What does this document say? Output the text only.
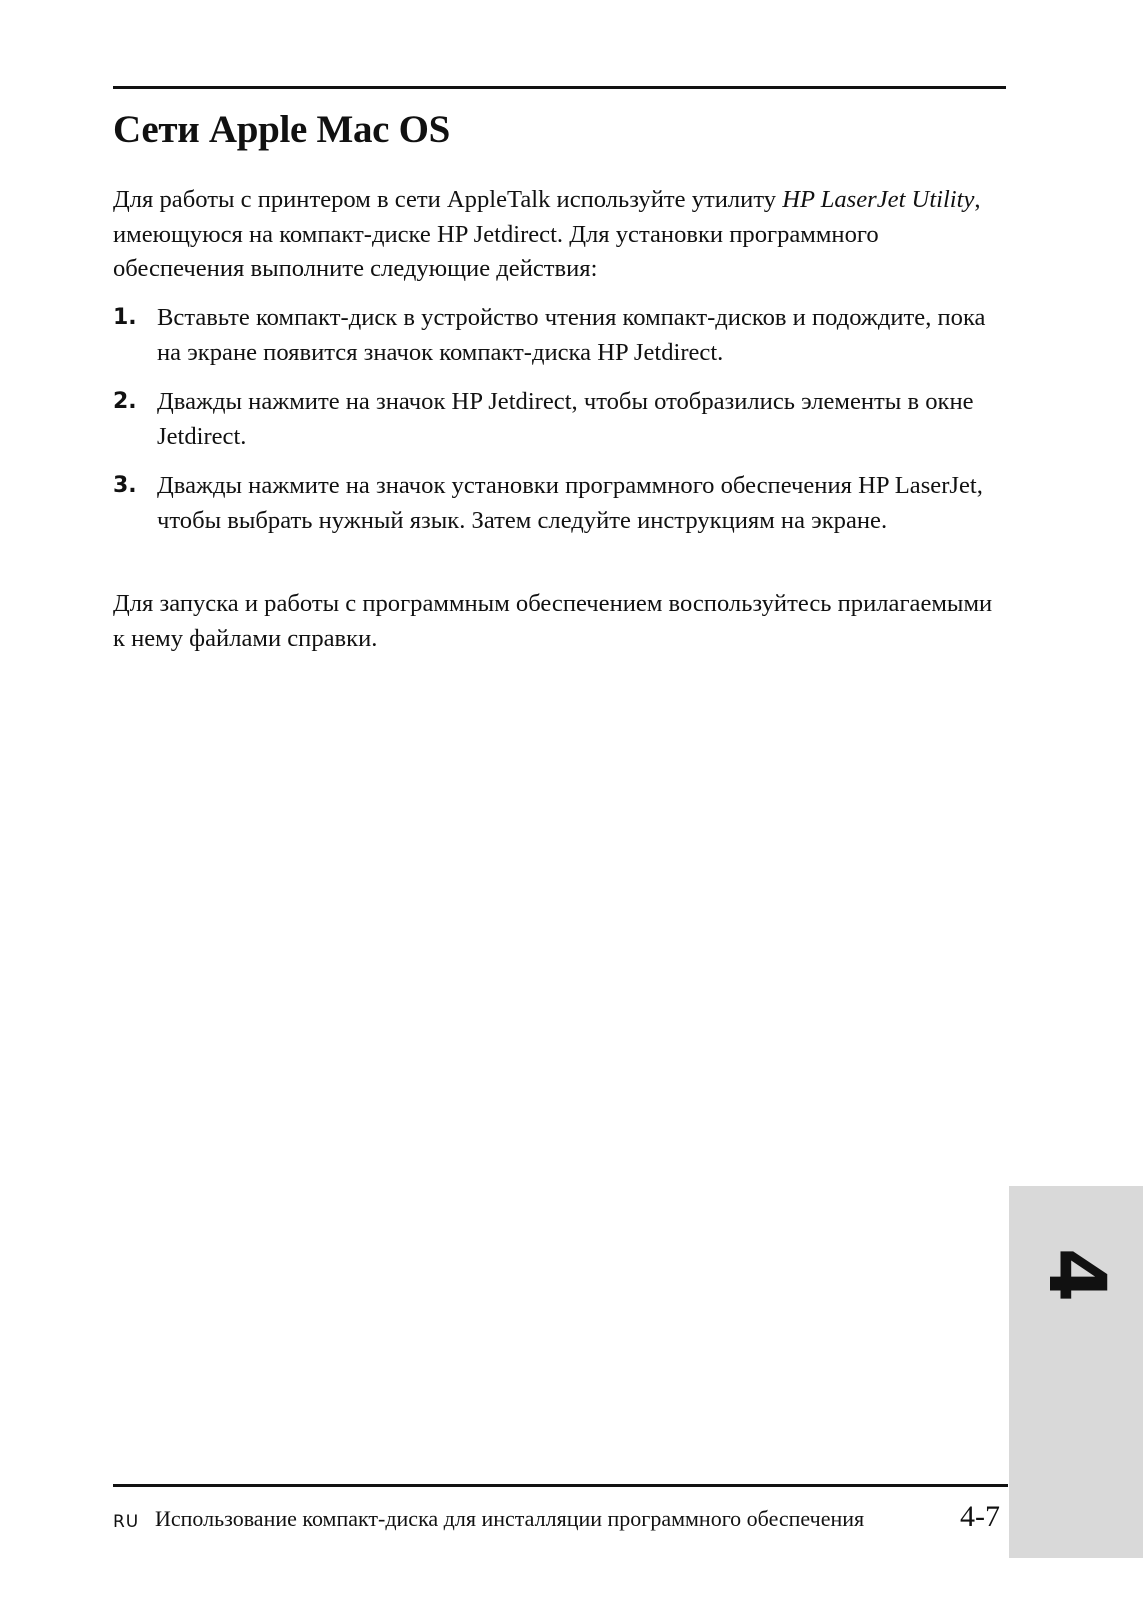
Сети Apple Mac OS

Для работы с принтером в сети AppleTalk используйте утилиту HP LaserJet Utility, имеющуюся на компакт-диске HP Jetdirect. Для установки программного обеспечения выполните следующие действия:

1. Вставьте компакт-диск в устройство чтения компакт-дисков и подождите, пока на экране появится значок компакт-диска HP Jetdirect.
2. Дважды нажмите на значок HP Jetdirect, чтобы отобразились элементы в окне Jetdirect.
3. Дважды нажмите на значок установки программного обеспечения HP LaserJet, чтобы выбрать нужный язык. Затем следуйте инструкциям на экране.

Для запуска и работы с программным обеспечением воспользуйтесь прилагаемыми к нему файлами справки.

4
RU Использование компакт-диска для инсталляции программного обеспечения	4-7
